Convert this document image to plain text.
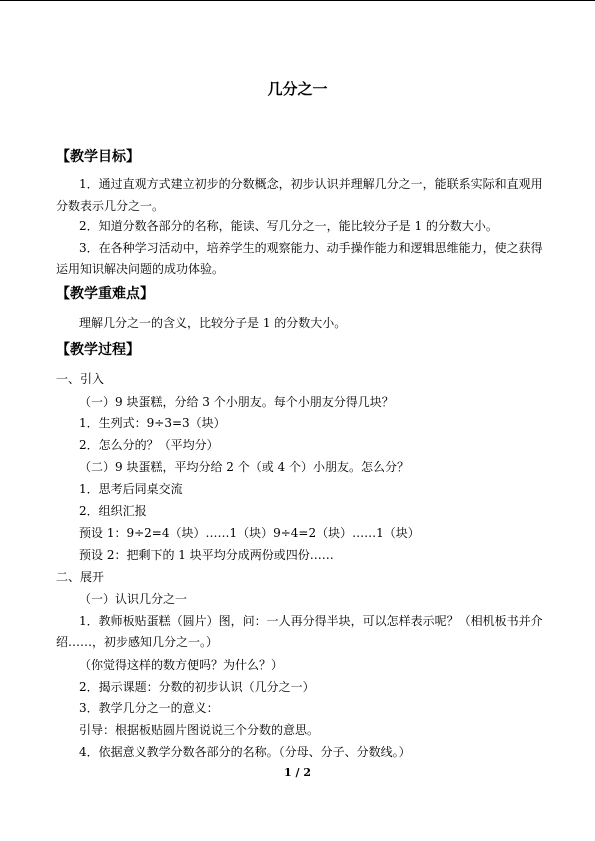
几分之一
【教学目标】
1．通过直观方式建立初步的分数概念，初步认识并理解几分之一，能联系实际和直观用
分数表示几分之一。
2．知道分数各部分的名称，能读、写几分之一，能比较分子是 1 的分数大小。
3．在各种学习活动中，培养学生的观察能力、动手操作能力和逻辑思维能力，使之获得
运用知识解决问题的成功体验。
【教学重难点】
理解几分之一的含义，比较分子是 1 的分数大小。
【教学过程】
一、引入
（一）9 块蛋糕，分给 3 个小朋友。每个小朋友分得几块？
1．生列式：9÷3=3（块）
2．怎么分的？（平均分）
（二）9 块蛋糕，平均分给 2 个（或 4 个）小朋友。怎么分？
1．思考后同桌交流
2．组织汇报
预设 1：9÷2=4（块）……1（块）9÷4=2（块）……1（块）
预设 2：把剩下的 1 块平均分成两份或四份……
二、展开
（一）认识几分之一
1．教师板贴蛋糕（圆片）图，问：一人再分得半块，可以怎样表示呢？（相机板书并介
绍……，初步感知几分之一。）
（你觉得这样的数方便吗？为什么？）
2．揭示课题：分数的初步认识（几分之一）
3．教学几分之一的意义：
引导：根据板贴圆片图说说三个分数的意思。
4．依据意义教学分数各部分的名称。（分母、分子、分数线。）
1 / 2
